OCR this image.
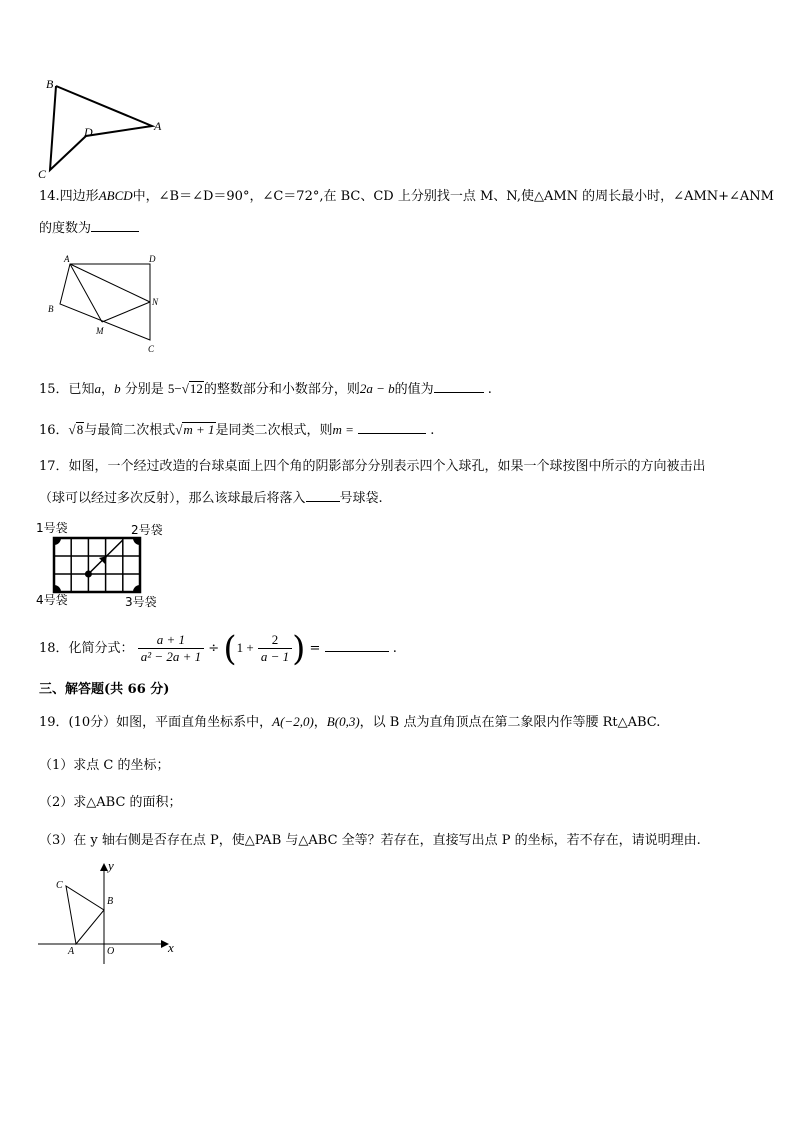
B
D	A
C
14.四边形ABCD中，∠B＝∠D＝90°，∠C＝72°,在 BC、CD 上分别找一点 M、N,使△AMN 的周长最小时，∠AMN+∠ANM
的度数为
A	D
B
N
M
C
15．已知a，b 分别是 5−√12的整数部分和小数部分，则2a − b的值为	.
16．√8与最简二次根式√m + 1是同类二次根式，则m =	.
17．如图，一个经过改造的台球桌面上四个角的阴影部分分别表示四个入球孔，如果一个球按图中所示的方向被击出
（球可以经过多次反射），那么该球最后将落入	号球袋.
1号袋	2号袋
4号袋	3号袋
18．化简分式： $\frac{a + 1}{\text{a² − 2a + 1}} \div (1 + \frac{2}{a - 1}$ ) =	.
三、解答题(共 66 分)
19．(10分）如图，平面直角坐标系中，A(−2,0)，B(0,3)，以 B 点为直角顶点在第二象限内作等腰 Rt△ABC.
（1）求点 C 的坐标；
（2）求△ABC 的面积；
（3）在 y 轴右侧是否存在点 P，使△PAB 与△ABC 全等？若存在，直接写出点 P 的坐标，若不存在，请说明理由.
y
C
B
A	O	x
